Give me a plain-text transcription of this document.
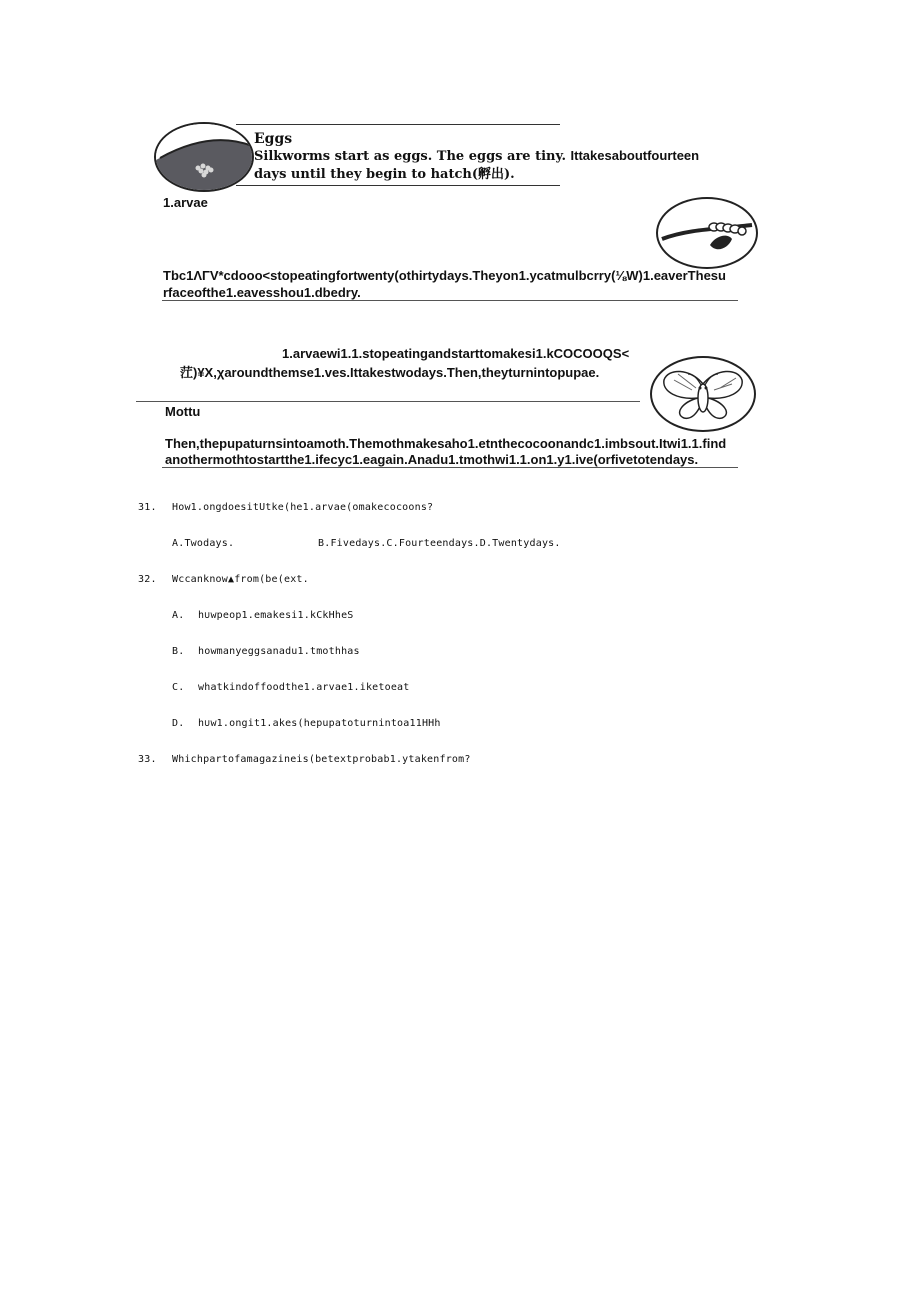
Eggs
Silkworms start as eggs. The eggs are tiny. Ittakesaboutfourteen
days until they begin to hatch(孵出).
1.arvae
Tbc1ΛΓV*cdooo<stopeatingfortwenty(othirtydays.Theyon1.ycatmulbcrry(⅛W)1.eaverThesu
rfaceofthe1.eavesshou1.dbedry.
1.arvaewi1.1.stopeatingandstarttomakesi1.kCOCOOQS<
茳)¥X,χaroundthemse1.ves.Ittakestwodays.Then,theyturnintopupae.
Mottu
Then,thepupaturnsintoamoth.Themothmakesaho1.etnthecocoonandc1.imbsout.Itwi1.1.find
anothermothtostartthe1.ifecyc1.eagain.Anadu1.tmothwi1.1.on1.y1.ive(orfivetotendays.
31. How1.ongdoesitUtke(he1.arvae(omakecocoons?
A.Twodays.	B.Fivedays.C.Fourteendays.D.Twentydays.
32. Wccanknow▲from(be(ext.
A. h∪wpeop1.emakesi1.kCkHheS
B. howmanyeggsanadu1.tmothhas
C. whatkindoffoodthe1.arvae1.iketoeat
D. h∪w1.ongit1.akes(hepupatoturnintoa11HHh
33. Whichpartofamagazineis(betextprobab1.ytakenfrom?
